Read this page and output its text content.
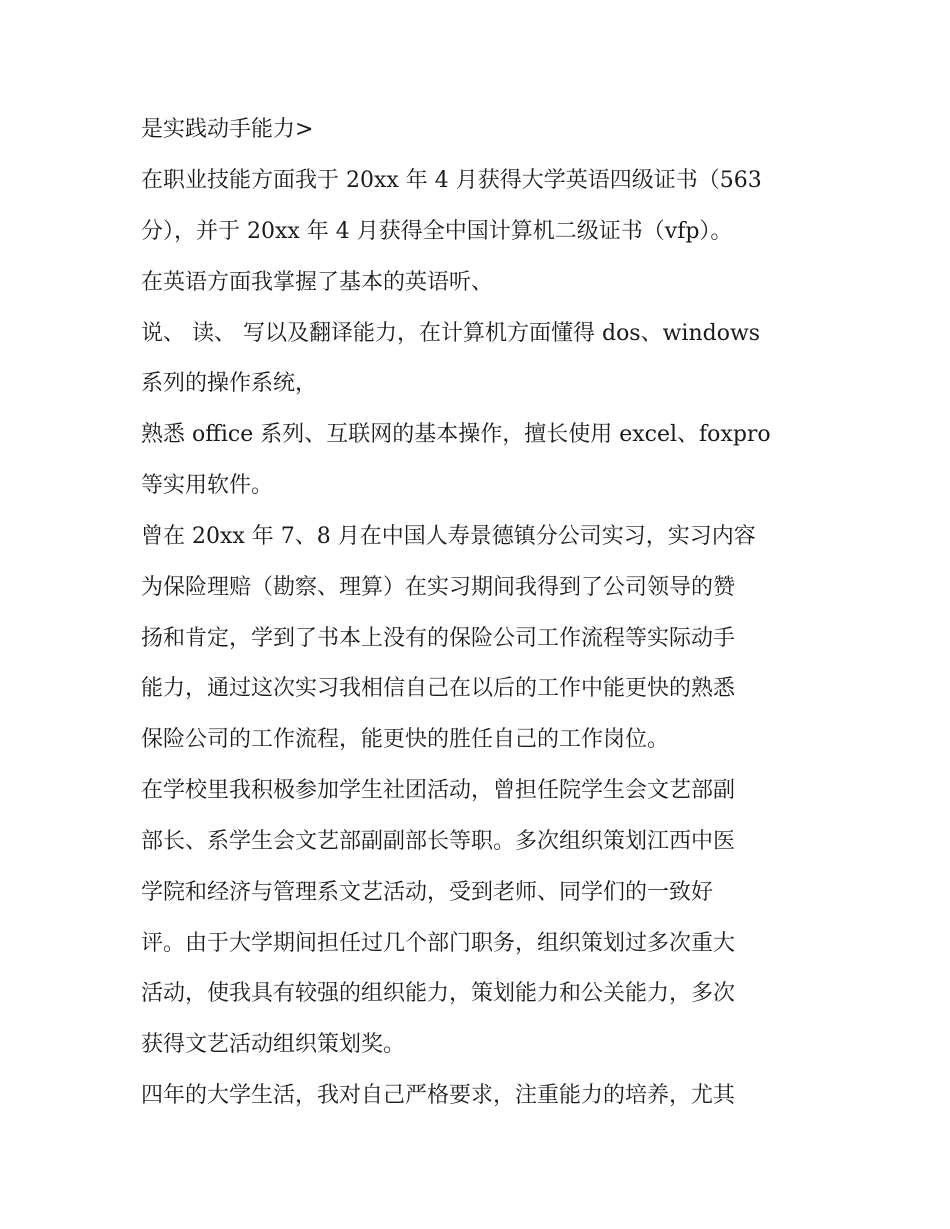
是实践动手能力>
在职业技能方面我于 20xx 年 4 月获得大学英语四级证书（563
分），并于 20xx 年 4 月获得全中国计算机二级证书（vfp）。
在英语方面我掌握了基本的英语听、
说、 读、 写以及翻译能力，在计算机方面懂得 dos、windows
系列的操作系统，
熟悉 office 系列、互联网的基本操作，擅长使用 excel、foxpro
等实用软件。
曾在 20xx 年 7、8 月在中国人寿景德镇分公司实习，实习内容
为保险理赔（勘察、理算）在实习期间我得到了公司领导的赞
扬和肯定，学到了书本上没有的保险公司工作流程等实际动手
能力，通过这次实习我相信自己在以后的工作中能更快的熟悉
保险公司的工作流程，能更快的胜任自己的工作岗位。
在学校里我积极参加学生社团活动，曾担任院学生会文艺部副
部长、系学生会文艺部副副部长等职。多次组织策划江西中医
学院和经济与管理系文艺活动，受到老师、同学们的一致好
评。由于大学期间担任过几个部门职务，组织策划过多次重大
活动，使我具有较强的组织能力，策划能力和公关能力，多次
获得文艺活动组织策划奖。
四年的大学生活，我对自己严格要求，注重能力的培养，尤其
